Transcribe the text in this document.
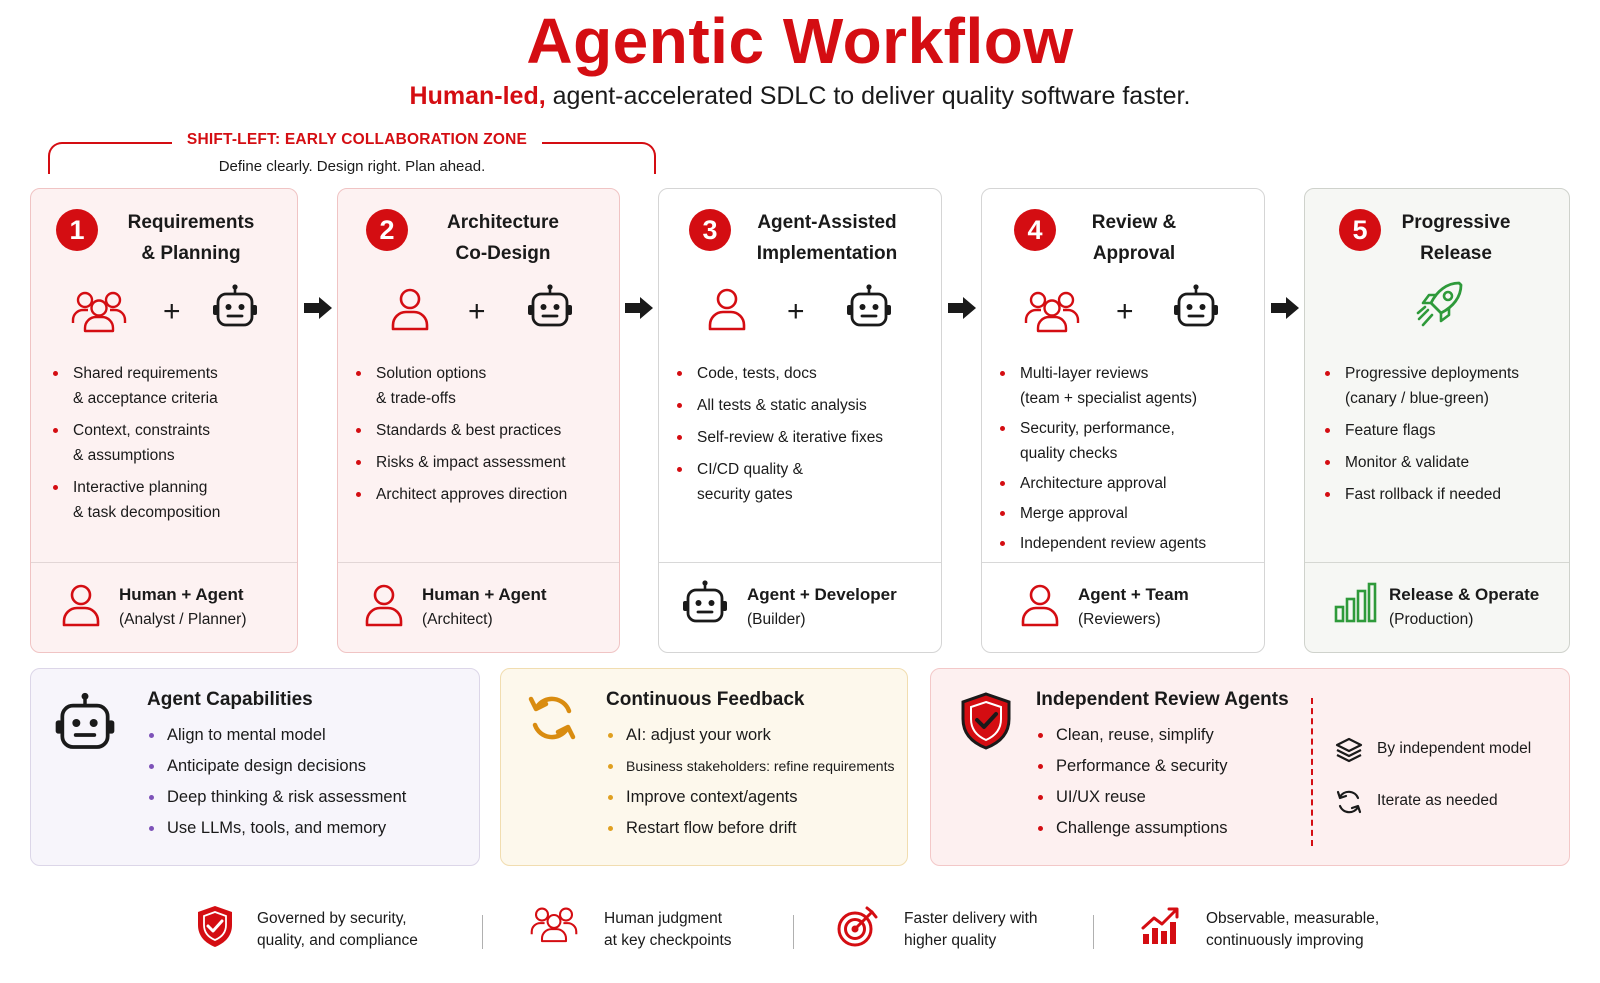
Agentic Workflow
Human-led, agent-accelerated SDLC to deliver quality software faster.
SHIFT-LEFT: EARLY COLLABORATION ZONE
Define clearly. Design right. Plan ahead.
1	Requirements
& Planning
+
Shared requirements
& acceptance criteria
Context, constraints
& assumptions
Interactive planning
& task decomposition
Human + Agent
(Analyst / Planner)
2	Architecture
Co-Design
+
Solution options
& trade-offs
Standards & best practices
Risks & impact assessment
Architect approves direction
Human + Agent
(Architect)
3	Agent-Assisted
Implementation
+
Code, tests, docs
All tests & static analysis
Self-review & iterative fixes
CI/CD quality &
security gates
Agent + Developer
(Builder)
4	Review &
Approval
+
Multi-layer reviews
(team + specialist agents)
Security, performance,
quality checks
Architecture approval
Merge approval
Independent review agents
Agent + Team
(Reviewers)
5	Progressive
Release
Progressive deployments
(canary / blue-green)
Feature flags
Monitor & validate
Fast rollback if needed
Release & Operate
(Production)
Agent Capabilities
Align to mental model
Anticipate design decisions
Deep thinking & risk assessment
Use LLMs, tools, and memory
Continuous Feedback
AI: adjust your work
Business stakeholders: refine requirements
Improve context/agents
Restart flow before drift
Independent Review Agents
Clean, reuse, simplify
Performance & security
UI/UX reuse
Challenge assumptions
By independent model
Iterate as needed
Governed by security,
quality, and compliance
Human judgment
at key checkpoints
Faster delivery with
higher quality
Observable, measurable,
continuously improving
